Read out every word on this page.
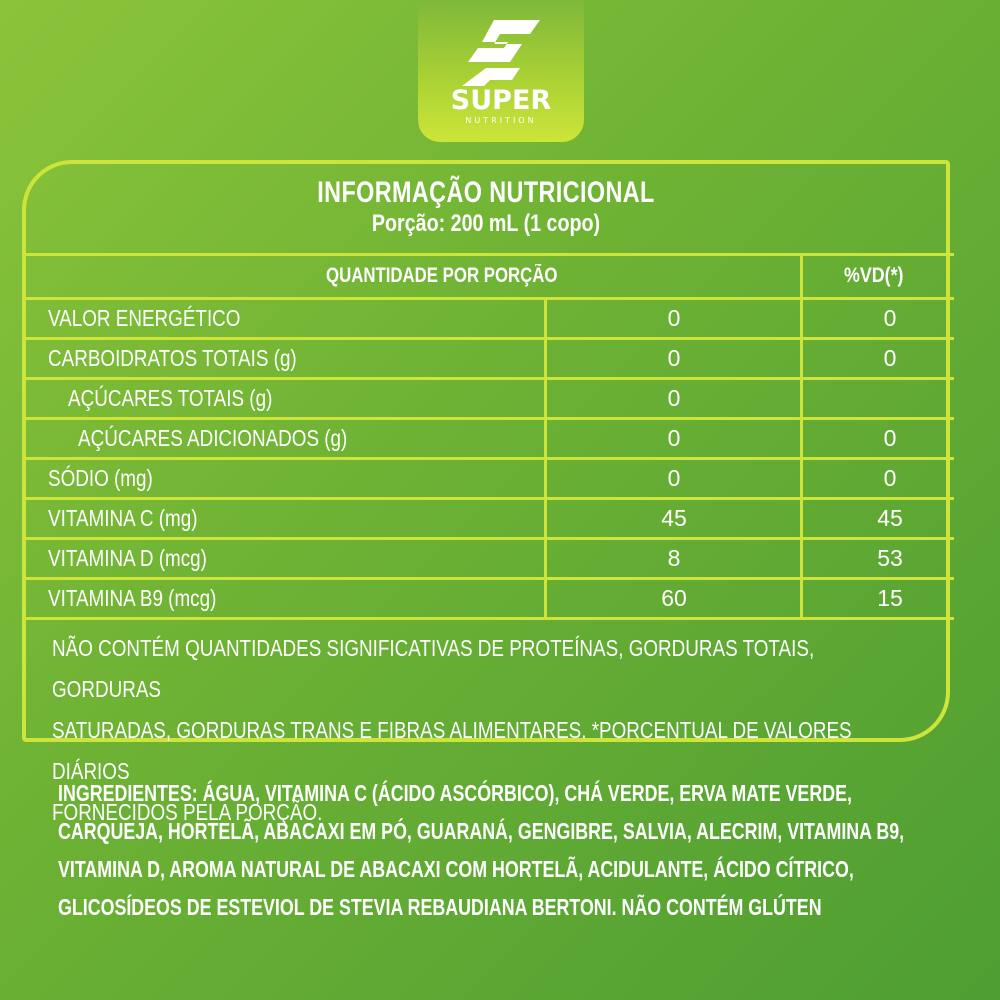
SUPER
NUTRITION
INFORMAÇÃO NUTRICIONAL
Porção: 200 mL (1 copo)
QUANTIDADE POR PORÇÃO	%VD(*)
VALOR ENERGÉTICO	0	0
CARBOIDRATOS TOTAIS (g)	0	0
AÇÚCARES TOTAIS (g)	0
AÇÚCARES ADICIONADOS (g)	0	0
SÓDIO (mg)	0	0
VITAMINA C (mg)	45	45
VITAMINA D (mcg)	8	53
VITAMINA B9 (mcg)	60	15
NÃO CONTÉM QUANTIDADES SIGNIFICATIVAS DE PROTEÍNAS, GORDURAS TOTAIS, GORDURAS
SATURADAS, GORDURAS TRANS E FIBRAS ALIMENTARES. *PORCENTUAL DE VALORES DIÁRIOS
FORNECIDOS PELA PORÇÃO.
INGREDIENTES: ÁGUA, VITAMINA C (ÁCIDO ASCÓRBICO), CHÁ VERDE, ERVA MATE VERDE,
CARQUEJA, HORTELÃ, ABACAXI EM PÓ, GUARANÁ, GENGIBRE, SALVIA, ALECRIM, VITAMINA B9,
VITAMINA D, AROMA NATURAL DE ABACAXI COM HORTELÃ, ACIDULANTE, ÁCIDO CÍTRICO,
GLICOSÍDEOS DE ESTEVIOL DE STEVIA REBAUDIANA BERTONI. NÃO CONTÉM GLÚTEN
